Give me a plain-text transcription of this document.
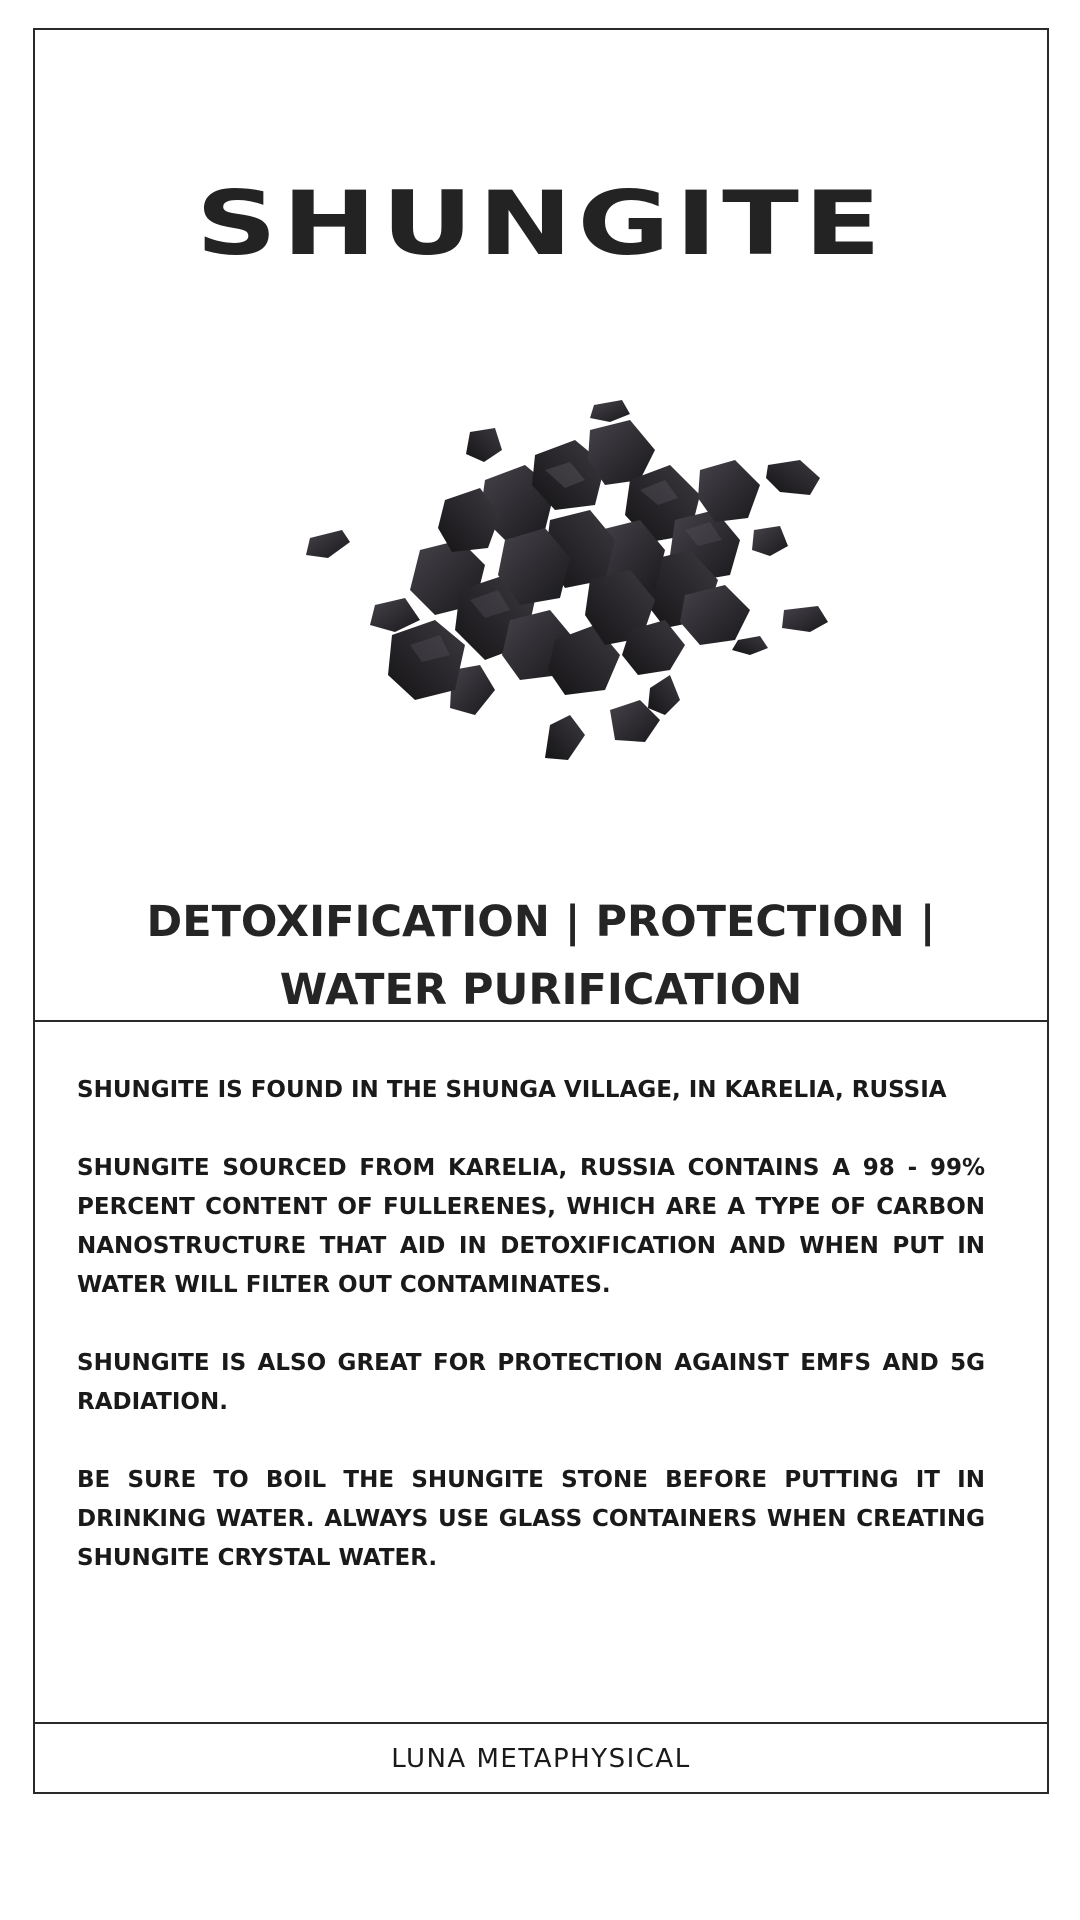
SHUNGITE
DETOXIFICATION | PROTECTION |
WATER PURIFICATION

SHUNGITE IS FOUND IN THE SHUNGA VILLAGE, IN KARELIA, RUSSIA

SHUNGITE SOURCED FROM KARELIA, RUSSIA CONTAINS A 98 - 99% PERCENT CONTENT OF FULLERENES, WHICH ARE A TYPE OF CARBON NANOSTRUCTURE THAT AID IN DETOXIFICATION AND WHEN PUT IN WATER WILL FILTER OUT CONTAMINATES.

SHUNGITE IS ALSO GREAT FOR PROTECTION AGAINST EMFS AND 5G RADIATION.

BE SURE TO BOIL THE SHUNGITE STONE BEFORE PUTTING IT IN DRINKING WATER. ALWAYS USE GLASS CONTAINERS WHEN CREATING SHUNGITE CRYSTAL WATER.

LUNA METAPHYSICAL
